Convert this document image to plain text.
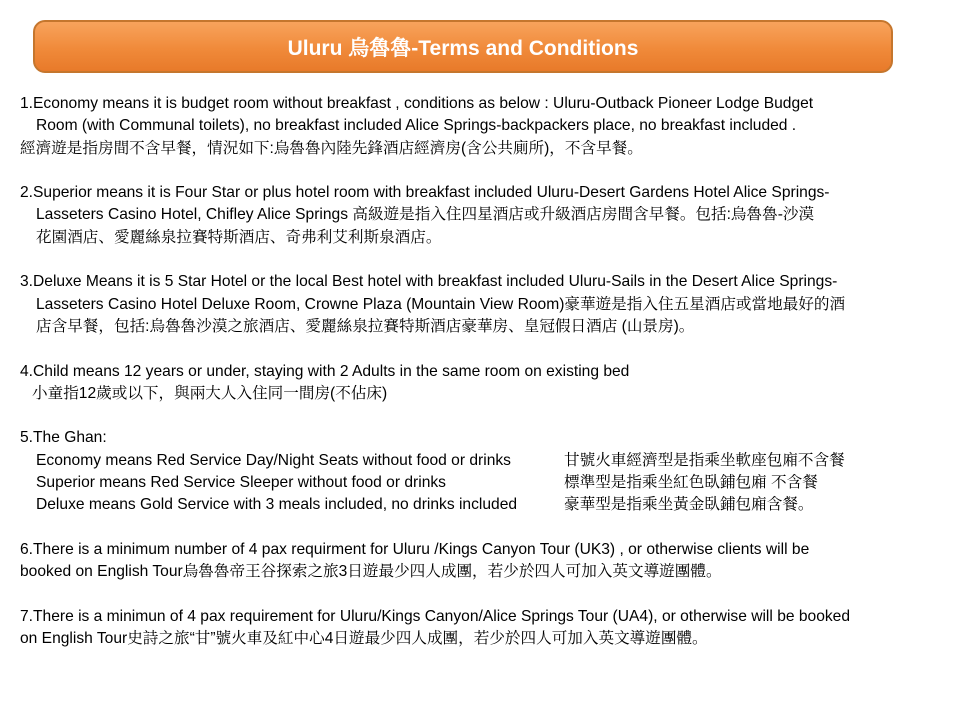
Uluru 烏魯魯-Terms and Conditions
1.Economy means it is budget room without breakfast , conditions as below : Uluru-Outback Pioneer Lodge Budget
Room (with Communal toilets), no breakfast included Alice Springs-backpackers place, no breakfast included .
經濟遊是指房間不含早餐，情況如下:烏魯魯內陸先鋒酒店經濟房(含公共廁所)，不含早餐。
2.Superior means it is Four Star or plus hotel room with breakfast included Uluru-Desert Gardens Hotel Alice Springs-
Lasseters Casino Hotel, Chifley Alice Springs 高級遊是指入住四星酒店或升級酒店房間含早餐。包括:烏魯魯-沙漠
花園酒店、愛麗絲泉拉賽特斯酒店、奇弗利艾利斯泉酒店。
3.Deluxe Means it is 5 Star Hotel or the local Best hotel with breakfast included Uluru-Sails in the Desert Alice Springs-
Lasseters Casino Hotel Deluxe Room, Crowne Plaza (Mountain View Room)豪華遊是指入住五星酒店或當地最好的酒
店含早餐，包括:烏魯魯沙漠之旅酒店、愛麗絲泉拉賽特斯酒店豪華房、皇冠假日酒店 (山景房)。
4.Child means 12 years or under, staying with 2 Adults in the same room on existing bed
小童指12歲或以下，與兩大人入住同一間房(不佔床)
5.The Ghan:
Economy means Red Service Day/Night Seats without food or drinks	甘號火車經濟型是指乘坐軟座包廂不含餐
Superior means Red Service Sleeper without food or drinks	標準型是指乘坐紅色臥鋪包廂 不含餐
Deluxe means Gold Service with 3 meals included, no drinks included	豪華型是指乘坐黃金臥鋪包廂含餐。
6.There is a minimum number of 4 pax requirment for Uluru /Kings Canyon Tour (UK3) , or otherwise clients will be
booked on English Tour烏魯魯帝王谷探索之旅3日遊最少四人成團，若少於四人可加入英文導遊團體。
7.There is a minimun of 4 pax requirement for Uluru/Kings Canyon/Alice Springs Tour (UA4), or otherwise will be booked
on English Tour史詩之旅“甘”號火車及紅中心4日遊最少四人成團，若少於四人可加入英文導遊團體。
